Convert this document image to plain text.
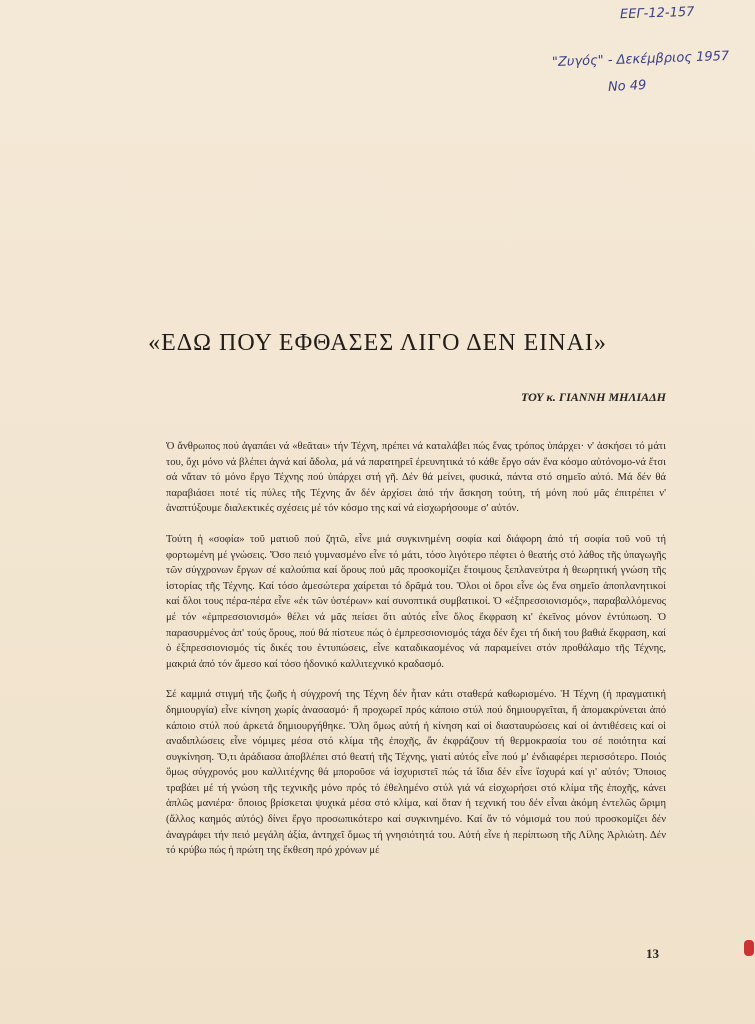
ΕΕΓ-12-157
"Ζυγός" - Δεκέμβριος 1957
Νο 49
«ΕΔΩ ΠΟΥ ΕΦΘΑΣΕΣ ΛΙΓΟ ΔΕΝ ΕΙΝΑΙ»
ΤΟΥ κ. ΓΙΑΝΝΗ ΜΗΛΙΑΔΗ

Ὁ ἄνθρωπος πού ἀγαπάει νά «θεᾶται» τήν Τέχνη, πρέπει νά καταλάβει πώς ἕνας τρόπος ὑπάρχει· ν' ἀσκήσει τό μάτι του, ὄχι μόνο νά βλέπει ἁγνά καί ἄδολα, μά νά παρατηρεῖ ἐρευνητικά τό κάθε ἔργο σάν ἕνα κόσμο αὐτόνομο-νά ἔτσι σά νἄταν τό μόνο ἔργο Τέχνης πού ὑπάρχει στή γῆ. Δέν θά μείνει, φυσικά, πάντα στό σημεῖο αὐτό. Μά δέν θά παραβιάσει ποτέ τίς πύλες τῆς Τέχνης ἄν δέν ἀρχίσει ἀπό τήν ἄσκηση τούτη, τή μόνη πού μᾶς ἐπιτρέπει ν' ἀναπτύξουμε διαλεκτικές σχέσεις μέ τόν κόσμο της καί νά εἰσχωρήσουμε σ' αὐτόν.

Τούτη ἡ «σοφία» τοῦ ματιοῦ πού ζητῶ, εἶνε μιά συγκινημένη σοφία καί διάφορη ἀπό τή σοφία τοῦ νοῦ τή φορτωμένη μέ γνώσεις. Ὅσο πειό γυμνασμένο εἶνε τό μάτι, τόσο λιγότερο πέφτει ὁ θεατής στό λάθος τῆς ὑπαγωγῆς τῶν σύγχρονων ἔργων σέ καλούπια καί ὅρους πού μᾶς προσκομίζει ἕτοιμους ξεπλανεύτρα ἡ θεωρητική γνώση τῆς ἱστορίας τῆς Τέχνης. Καί τόσο ἀμεσώτερα χαίρεται τό δρᾶμά του. Ὅλοι οἱ ὅροι εἶνε ὡς ἕνα σημεῖο ἀποπλανητικοί καί ὅλοι τους πέρα-πέρα εἶνε «ἐκ τῶν ὑστέρων» καί συνοπτικά συμβατικοί. Ὁ «ἐξπρεσσιονισμός», παραβαλλόμενος μέ τόν «ἐμπρεσσιονισμό» θέλει νά μᾶς πείσει ὅτι αὐτός εἶνε ὅλος ἔκφραση κι' ἐκεῖνος μόνον ἐντύπωση. Ὁ παρασυρμένος ἀπ' τούς ὅρους, πού θά πίστευε πώς ὁ ἐμπρεσσιονισμός τάχα δέν ἔχει τή δική του βαθιά ἔκφραση, καί ὁ ἐξπρεσσιονισμός τίς δικές του ἐντυπώσεις, εἶνε καταδικασμένος νά παραμείνει στόν προθάλαμο τῆς Τέχνης, μακριά ἀπό τόν ἄμεσο καί τόσο ἡδονικό καλλιτεχνικό κραδασμό.

Σέ καμμιά στιγμή τῆς ζωῆς ἡ σύγχρονή της Τέχνη δέν ἦταν κάτι σταθερά καθωρισμένο. Ἡ Τέχνη (ἡ πραγματική δημιουργία) εἶνε κίνηση χωρίς ἀνασασμό· ἤ προχωρεῖ πρός κάποιο στύλ πού δημιουργεῖται, ἤ ἀπομακρύνεται ἀπό κάποιο στύλ πού ἀρκετά δημιουργήθηκε. Ὅλη ὅμως αὐτή ἡ κίνηση καί οἱ διασταυρώσεις καί οἱ ἀντιθέσεις καί οἱ αναδιπλώσεις εἶνε νόμιμες μέσα στό κλίμα τῆς ἐποχῆς, ἄν ἐκφράζουν τή θερμοκρασία του σέ ποιότητα καί συγκίνηση. Ὅ,τι ἀράδιασα ἀποβλέπει στό θεατή τῆς Τέχνης, γιατί αὐτός εἶνε πού μ' ἐνδιαφέρει περισσότερο. Ποιός ὅμως σύγχρονός μου καλλιτέχνης θά μποροῦσε νά ἰσχυριστεῖ πώς τά ἴδια δέν εἶνε ἴσχυρά καί γι' αὐτόν; Ὅποιος τραβάει μέ τή γνώση τῆς τεχνικῆς μόνο πρός τό ἐθελημένο στύλ γιά νά εἰσχωρήσει στό κλίμα τῆς ἐποχῆς, κάνει ἁπλῶς μανιέρα· ὅποιος βρίσκεται ψυχικά μέσα στό κλίμα, καί ὅταν ἡ τεχνική του δέν εἶναι ἀκόμη ἐντελῶς ὥριμη (ἄλλος καημός αὐτός) δίνει ἔργο προσωπικότερο καί συγκινημένο. Καί ἄν τό νόμισμά του πού προσκομίζει δέν ἀναγράφει τήν πειό μεγάλη ἀξία, ἀντηχεῖ ὅμως τή γνησιότητά του. Αὐτή εἶνε ἡ περίπτωση τῆς Λίλης Ἀρλιώτη. Δέν τό κρύβω πώς ἡ πρώτη της ἔκθεση πρό χρόνων μέ

13
